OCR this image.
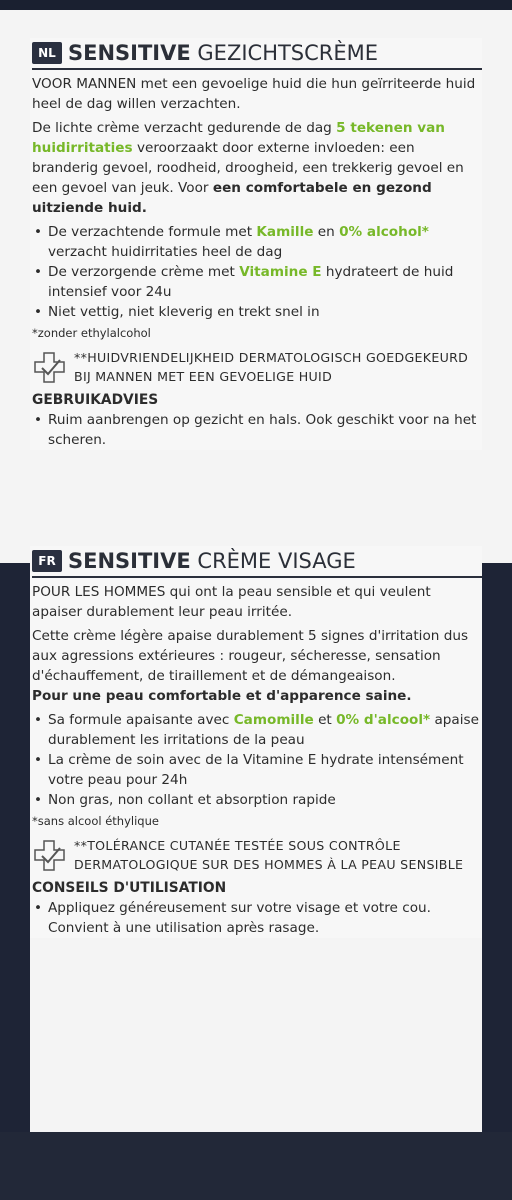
NL SENSITIVE GEZICHTSCRÈME

VOOR MANNEN met een gevoelige huid die hun geïrriteerde huid heel de dag willen verzachten.

De lichte crème verzacht gedurende de dag 5 tekenen van huidirritaties veroorzaakt door externe invloeden: een branderig gevoel, roodheid, droogheid, een trekkerig gevoel en een gevoel van jeuk. Voor een comfortabele en gezond uitziende huid.

• De verzachtende formule met Kamille en 0% alcohol* verzacht huidirritaties heel de dag
• De verzorgende crème met Vitamine E hydrateert de huid intensief voor 24u
• Niet vettig, niet kleverig en trekt snel in
*zonder ethylalcohol
**HUIDVRIENDELIJKHEID DERMATOLOGISCH GOEDGEKEURD BIJ MANNEN MET EEN GEVOELIGE HUID
GEBRUIKADVIES
• Ruim aanbrengen op gezicht en hals. Ook geschikt voor na het scheren.
FR SENSITIVE CRÈME VISAGE

POUR LES HOMMES qui ont la peau sensible et qui veulent apaiser durablement leur peau irritée.

Cette crème légère apaise durablement 5 signes d'irritation dus aux agressions extérieures : rougeur, sécheresse, sensation d'échauffement, de tiraillement et de démangeaison.

Pour une peau comfortable et d'apparence saine.

• Sa formule apaisante avec Camomille et 0% d'alcool* apaise durablement les irritations de la peau
• La crème de soin avec de la Vitamine E hydrate intensément votre peau pour 24h
• Non gras, non collant et absorption rapide
*sans alcool éthylique
**TOLÉRANCE CUTANÉE TESTÉE SOUS CONTRÔLE DERMATOLOGIQUE SUR DES HOMMES À LA PEAU SENSIBLE
CONSEILS D'UTILISATION
• Appliquez généreusement sur votre visage et votre cou. Convient à une utilisation après rasage.
